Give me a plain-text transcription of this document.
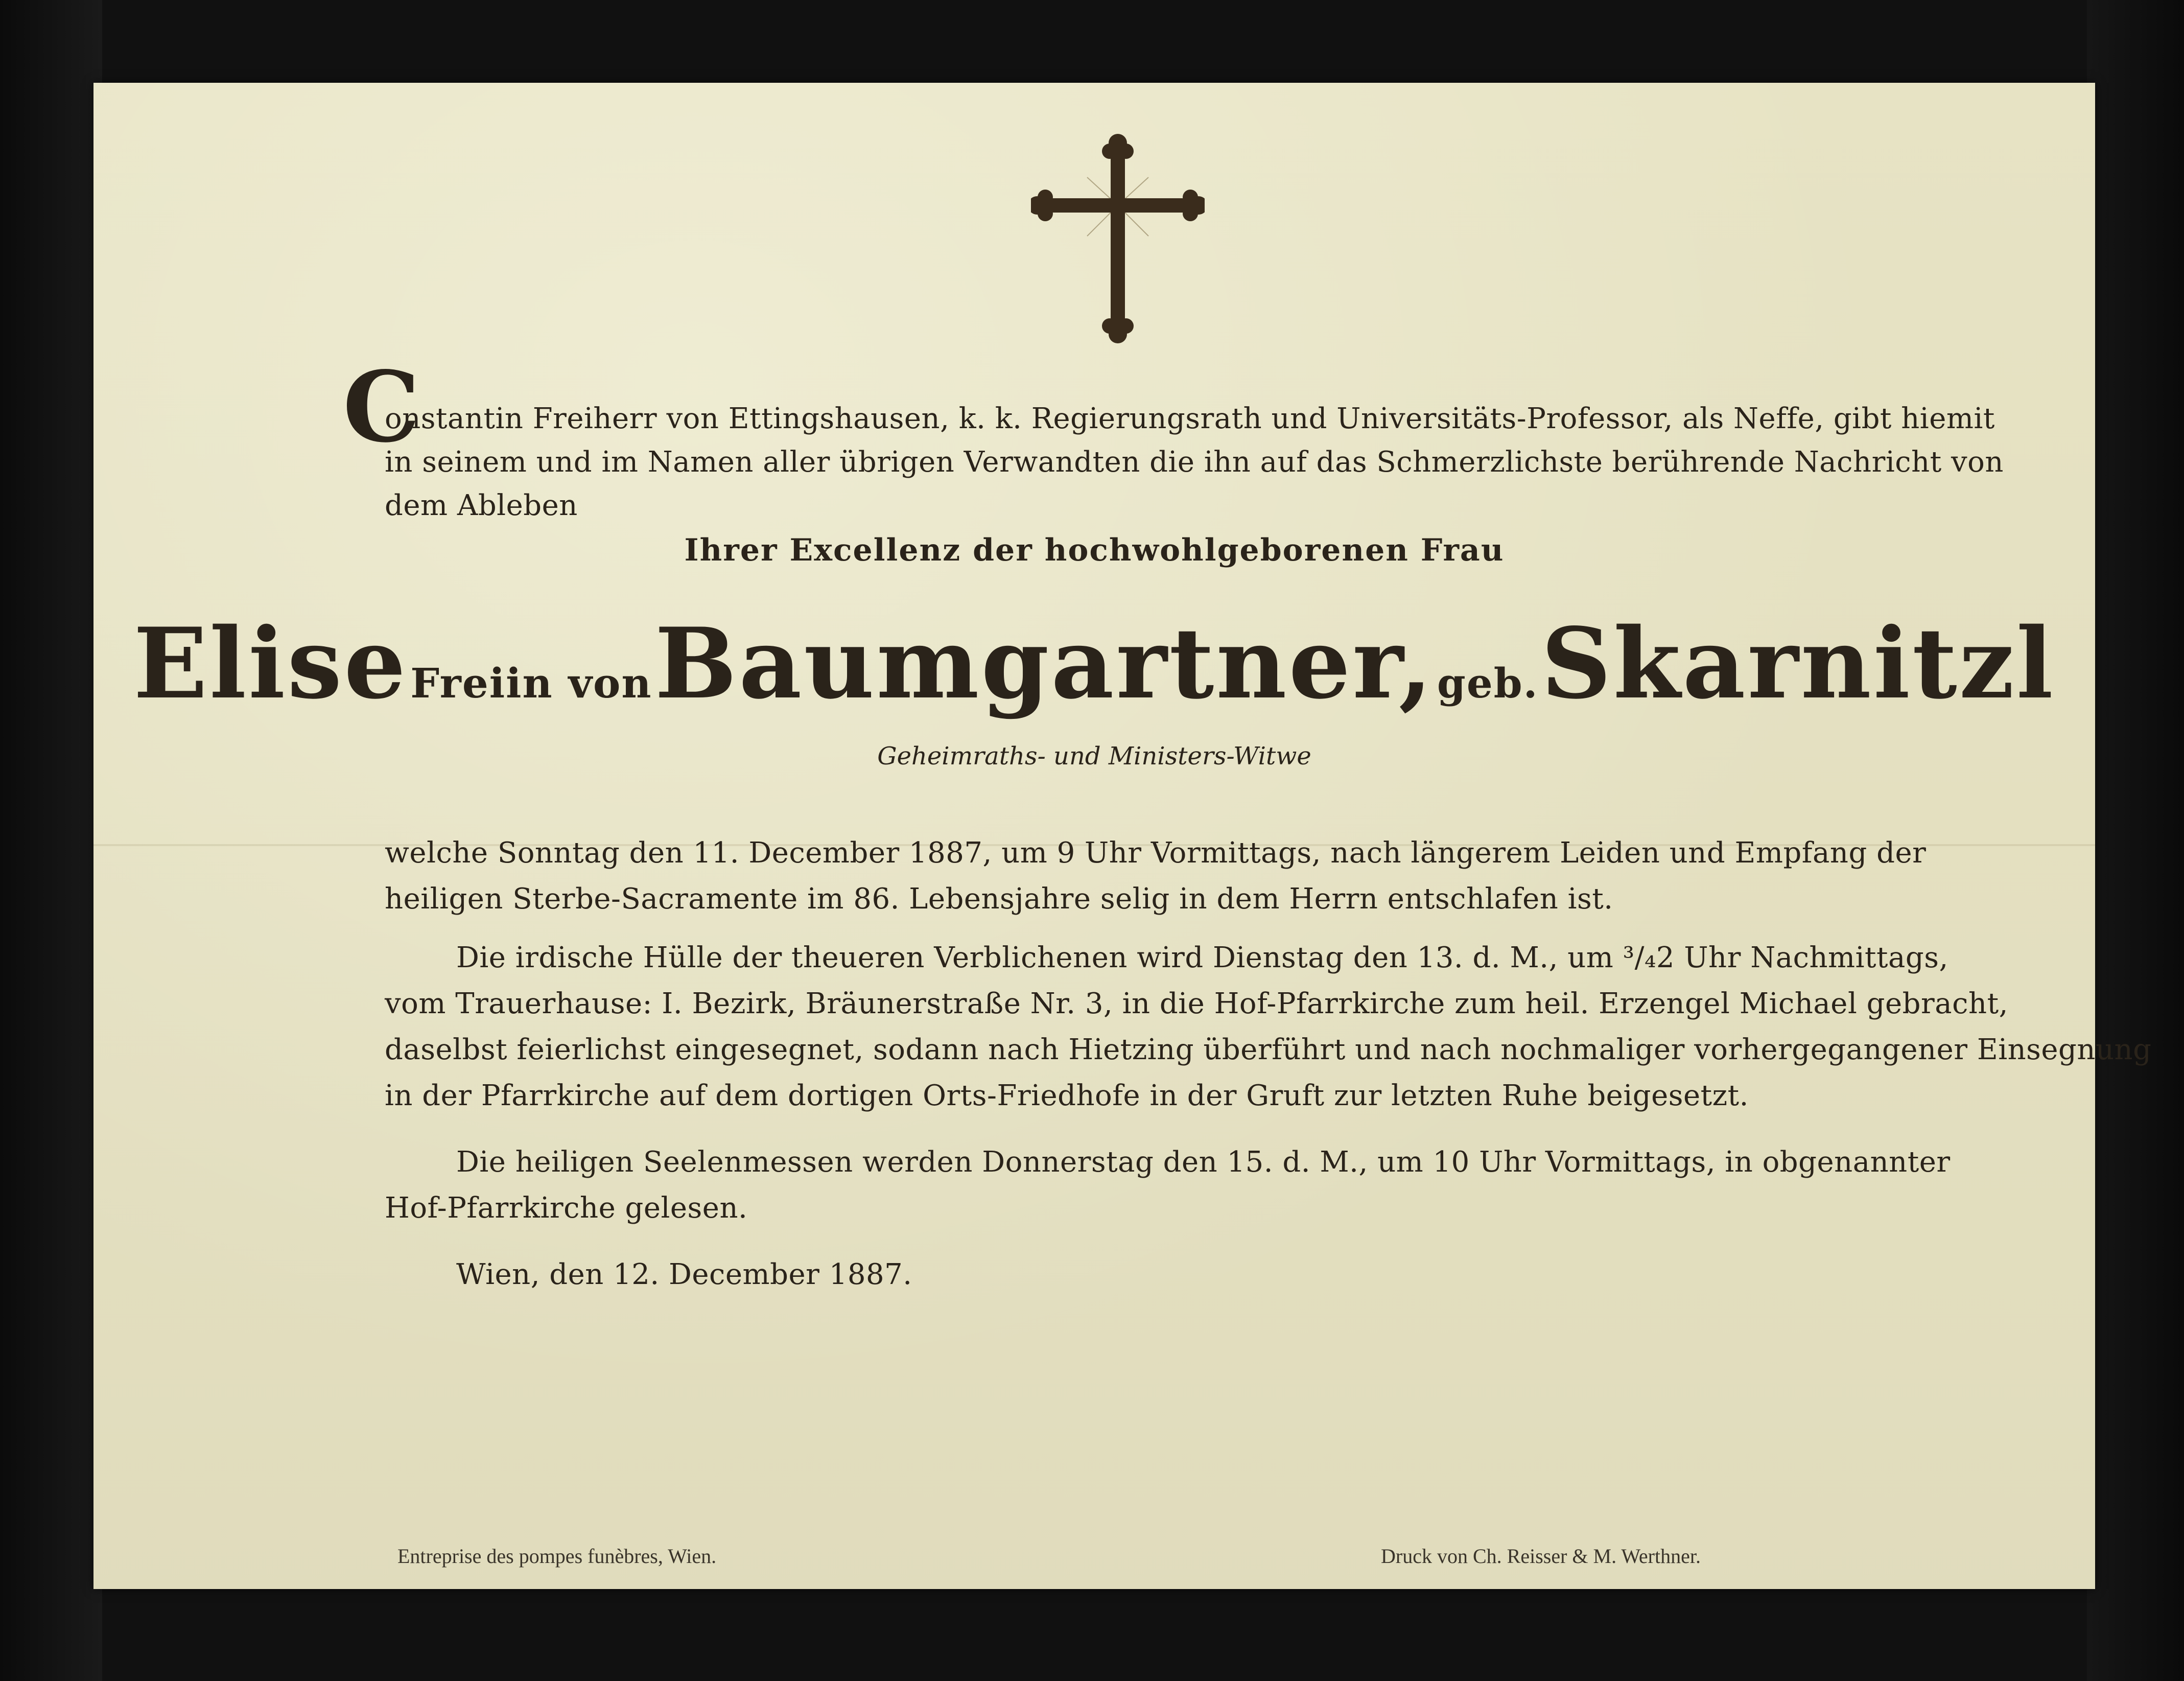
C
onstantin Freiherr von Ettingshausen, k. k. Regierungsrath und Universitäts-Professor, als Neffe, gibt hiemit
in seinem und im Namen aller übrigen Verwandten die ihn auf das Schmerzlichste berührende Nachricht von
dem Ableben
Ihrer Excellenz der hochwohlgeborenen Frau
Elise Freiin von Baumgartner, geb. Skarnitzl
Geheimraths- und Ministers-Witwe
welche Sonntag den 11. December 1887, um 9 Uhr Vormittags, nach längerem Leiden und Empfang der
heiligen Sterbe-Sacramente im 86. Lebensjahre selig in dem Herrn entschlafen ist.
Die irdische Hülle der theueren Verblichenen wird Dienstag den 13. d. M., um ³/₄2 Uhr Nachmittags,
vom Trauerhause: I. Bezirk, Bräunerstraße Nr. 3, in die Hof-Pfarrkirche zum heil. Erzengel Michael gebracht,
daselbst feierlichst eingesegnet, sodann nach Hietzing überführt und nach nochmaliger vorhergegangener Einsegnung
in der Pfarrkirche auf dem dortigen Orts-Friedhofe in der Gruft zur letzten Ruhe beigesetzt.
Die heiligen Seelenmessen werden Donnerstag den 15. d. M., um 10 Uhr Vormittags, in obgenannter
Hof-Pfarrkirche gelesen.
Wien, den 12. December 1887.
Entreprise des pompes funèbres, Wien.	Druck von Ch. Reisser & M. Werthner.
